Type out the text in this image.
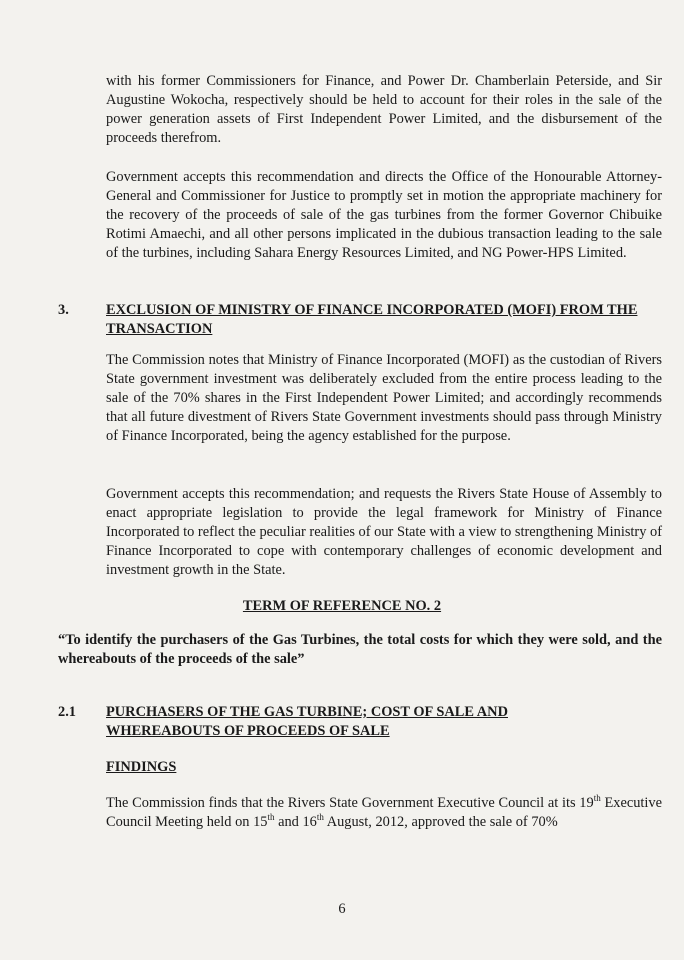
with his former Commissioners for Finance, and Power Dr. Chamberlain Peterside, and Sir Augustine Wokocha, respectively should be held to account for their roles in the sale of the power generation assets of First Independent Power Limited, and the disbursement of the proceeds therefrom.
Government accepts this recommendation and directs the Office of the Honourable Attorney-General and Commissioner for Justice to promptly set in motion the appropriate machinery for the recovery of the proceeds of sale of the gas turbines from the former Governor Chibuike Rotimi Amaechi, and all other persons implicated in the dubious transaction leading to the sale of the turbines, including Sahara Energy Resources Limited, and NG Power-HPS Limited.
3.	EXCLUSION OF MINISTRY OF FINANCE INCORPORATED (MOFI) FROM THE TRANSACTION
The Commission notes that Ministry of Finance Incorporated (MOFI) as the custodian of Rivers State government investment was deliberately excluded from the entire process leading to the sale of the 70% shares in the First Independent Power Limited; and accordingly recommends that all future divestment of Rivers State Government investments should pass through Ministry of Finance Incorporated, being the agency established for the purpose.
Government accepts this recommendation; and requests the Rivers State House of Assembly to enact appropriate legislation to provide the legal framework for Ministry of Finance Incorporated to reflect the peculiar realities of our State with a view to strengthening Ministry of Finance Incorporated to cope with contemporary challenges of economic development and investment growth in the State.
TERM OF REFERENCE NO. 2
“To identify the purchasers of the Gas Turbines, the total costs for which they were sold, and the whereabouts of the proceeds of the sale”
2.1 PURCHASERS OF THE GAS TURBINE; COST OF SALE AND WHEREABOUTS OF PROCEEDS OF SALE
FINDINGS
The Commission finds that the Rivers State Government Executive Council at its 19th Executive Council Meeting held on 15th and 16th August, 2012, approved the sale of 70%
6
